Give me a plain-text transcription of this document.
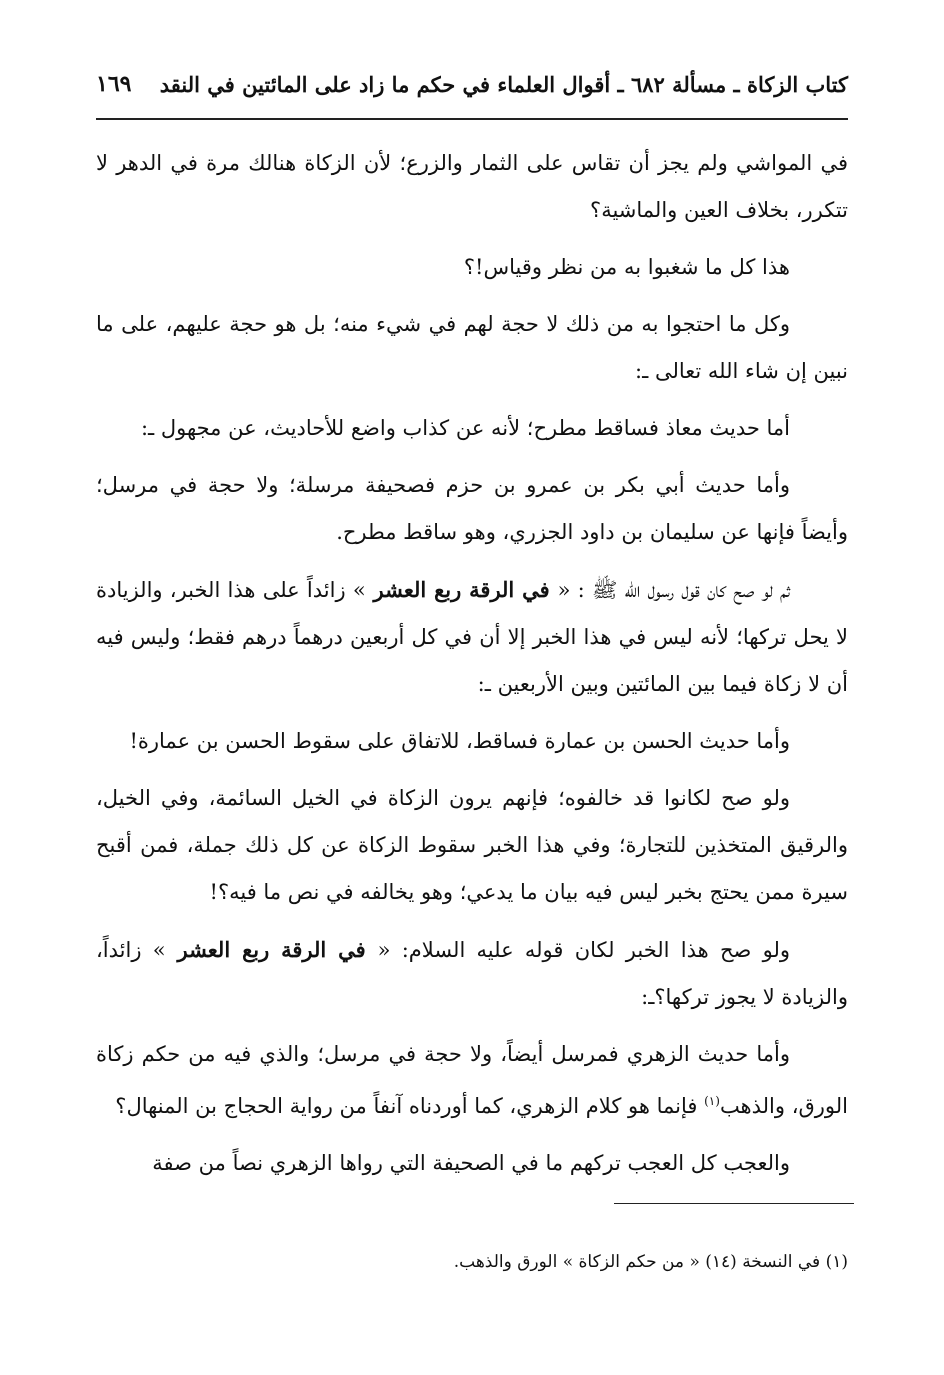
كتاب الزكاة ـ مسألة ٦٨٢ ـ أقوال العلماء في حكم ما زاد على المائتين في النقد
١٦٩

في المواشي ولم يجز أن تقاس على الثمار والزرع؛ لأن الزكاة هنالك مرة في الدهر لا تتكرر، بخلاف العين والماشية؟

هذا كل ما شغبوا به من نظر وقياس!؟

وكل ما احتجوا به من ذلك لا حجة لهم في شيء منه؛ بل هو حجة عليهم، على ما نبين إن شاء الله تعالى ـ:

أما حديث معاذ فساقط مطرح؛ لأنه عن كذاب واضع للأحاديث، عن مجهول ـ:

وأما حديث أبي بكر بن عمرو بن حزم فصحيفة مرسلة؛ ولا حجة في مرسل؛ وأيضاً فإنها عن سليمان بن داود الجزري، وهو ساقط مطرح.

ثم لو صح كان قول رسول الله ﷺ : « في الرقة ربع العشر » زائداً على هذا الخبر، والزيادة لا يحل تركها؛ لأنه ليس في هذا الخبر إلا أن في كل أربعين درهماً درهم فقط؛ وليس فيه أن لا زكاة فيما بين المائتين وبين الأربعين ـ:

وأما حديث الحسن بن عمارة فساقط، للاتفاق على سقوط الحسن بن عمارة!

ولو صح لكانوا قد خالفوه؛ فإنهم يرون الزكاة في الخيل السائمة، وفي الخيل، والرقيق المتخذين للتجارة؛ وفي هذا الخبر سقوط الزكاة عن كل ذلك جملة، فمن أقبح سيرة ممن يحتج بخبر ليس فيه بيان ما يدعي؛ وهو يخالفه في نص ما فيه؟!

ولو صح هذا الخبر لكان قوله عليه السلام: « في الرقة ربع العشر » زائداً، والزيادة لا يجوز تركها؟ـ:

وأما حديث الزهري فمرسل أيضاً، ولا حجة في مرسل؛ والذي فيه من حكم زكاة الورق، والذهب$^{(١)}$ فإنما هو كلام الزهري، كما أوردناه آنفاً من رواية الحجاج بن المنهال؟

والعجب كل العجب تركهم ما في الصحيفة التي رواها الزهري نصاً من صفة

(١) في النسخة (١٤) « من حكم الزكاة » الورق والذهب.
